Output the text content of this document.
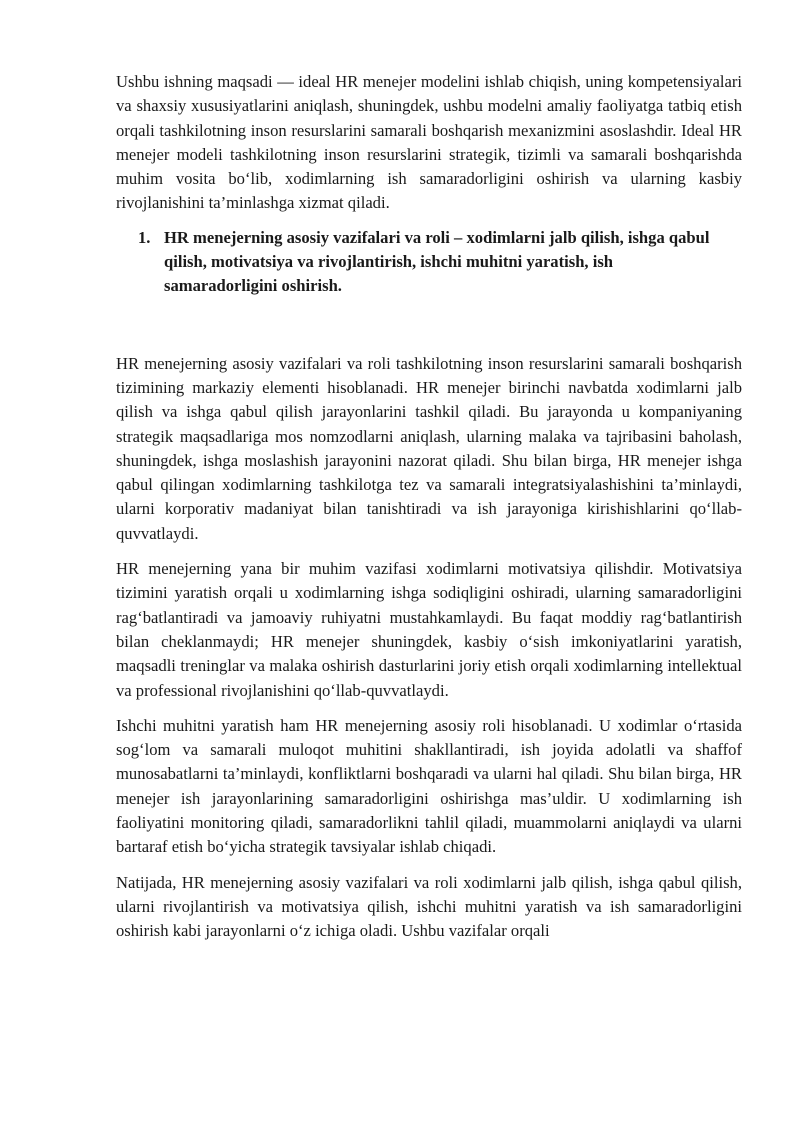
Ushbu ishning maqsadi — ideal HR menejer modelini ishlab chiqish, uning kompetensiyalari va shaxsiy xususiyatlarini aniqlash, shuningdek, ushbu modelni amaliy faoliyatga tatbiq etish orqali tashkilotning inson resurslarini samarali boshqarish mexanizmini asoslashdir. Ideal HR menejer modeli tashkilotning inson resurslarini strategik, tizimli va samarali boshqarishda muhim vosita bo‘lib, xodimlarning ish samaradorligini oshirish va ularning kasbiy rivojlanishini ta’minlashga xizmat qiladi.

1. HR menejerning asosiy vazifalari va roli – xodimlarni jalb qilish, ishga qabul qilish, motivatsiya va rivojlantirish, ishchi muhitni yaratish, ish samaradorligini oshirish.

HR menejerning asosiy vazifalari va roli tashkilotning inson resurslarini samarali boshqarish tizimining markaziy elementi hisoblanadi. HR menejer birinchi navbatda xodimlarni jalb qilish va ishga qabul qilish jarayonlarini tashkil qiladi. Bu jarayonda u kompaniyaning strategik maqsadlariga mos nomzodlarni aniqlash, ularning malaka va tajribasini baholash, shuningdek, ishga moslashish jarayonini nazorat qiladi. Shu bilan birga, HR menejer ishga qabul qilingan xodimlarning tashkilotga tez va samarali integratsiyalashishini ta’minlaydi, ularni korporativ madaniyat bilan tanishtiradi va ish jarayoniga kirishishlarini qo‘llab-quvvatlaydi.

HR menejerning yana bir muhim vazifasi xodimlarni motivatsiya qilishdir. Motivatsiya tizimini yaratish orqali u xodimlarning ishga sodiqligini oshiradi, ularning samaradorligini rag‘batlantiradi va jamoaviy ruhiyatni mustahkamlaydi. Bu faqat moddiy rag‘batlantirish bilan cheklanmaydi; HR menejer shuningdek, kasbiy o‘sish imkoniyatlarini yaratish, maqsadli treninglar va malaka oshirish dasturlarini joriy etish orqali xodimlarning intellektual va professional rivojlanishini qo‘llab-quvvatlaydi.

Ishchi muhitni yaratish ham HR menejerning asosiy roli hisoblanadi. U xodimlar o‘rtasida sog‘lom va samarali muloqot muhitini shakllantiradi, ish joyida adolatli va shaffof munosabatlarni ta’minlaydi, konfliktlarni boshqaradi va ularni hal qiladi. Shu bilan birga, HR menejer ish jarayonlarining samaradorligini oshirishga mas’uldir. U xodimlarning ish faoliyatini monitoring qiladi, samaradorlikni tahlil qiladi, muammolarni aniqlaydi va ularni bartaraf etish bo‘yicha strategik tavsiyalar ishlab chiqadi.

Natijada, HR menejerning asosiy vazifalari va roli xodimlarni jalb qilish, ishga qabul qilish, ularni rivojlantirish va motivatsiya qilish, ishchi muhitni yaratish va ish samaradorligini oshirish kabi jarayonlarni o‘z ichiga oladi. Ushbu vazifalar orqali
